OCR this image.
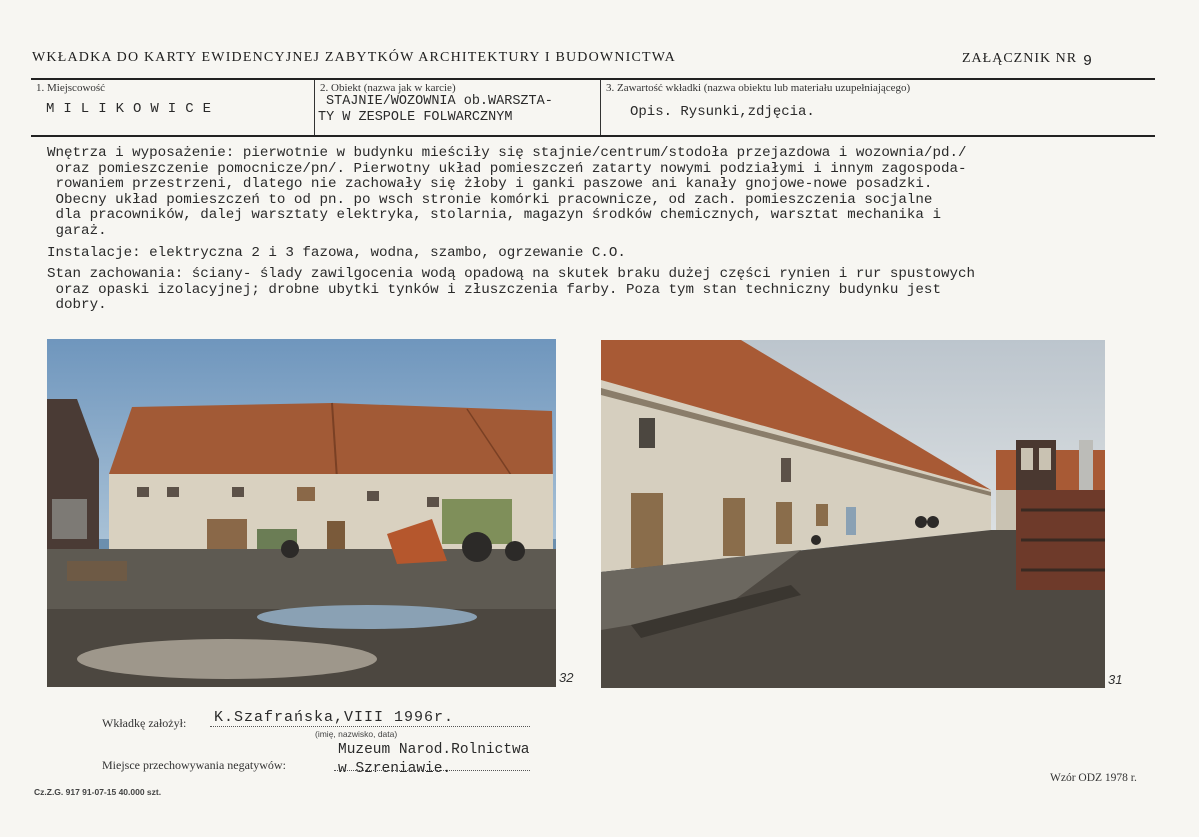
WKŁADKA DO KARTY EWIDENCYJNEJ ZABYTKÓW ARCHITEKTURY I BUDOWNICTWA	ZAŁĄCZNIK NR 9
1. Miejscowość
MILIKOWICE
2. Obiekt (nazwa jak w karcie)
STAJNIE/WOZOWNIA ob.WARSZTA-
TY W ZESPOLE FOLWARCZNYM
3. Zawartość wkładki (nazwa obiektu lub materiału uzupełniającego)
Opis. Rysunki,zdjęcia.

Wnętrza i wyposażenie: pierwotnie w budynku mieściły się stajnie/centrum/stodoła przejazdowa i wozownia/pd./
oraz pomieszczenie pomocnicze/pn/. Pierwotny układ pomieszczeń zatarty nowymi podziałymi i innym zagospoda-
rowaniem przestrzeni, dlatego nie zachowały się żłoby i ganki paszowe ani kanały gnojowe-nowe posadzki.
Obecny układ pomieszczeń to od pn. po wsch stronie komórki pracownicze, od zach. pomieszczenia socjalne
dla pracowników, dalej warsztaty elektryka, stolarnia, magazyn środków chemicznych, warsztat mechanika i
garaż.

Instalacje: elektryczna 2 i 3 fazowa, wodna, szambo, ogrzewanie C.O.

Stan zachowania: ściany- ślady zawilgocenia wodą opadową na skutek braku dużej części rynien i rur spustowych
oraz opaski izolacyjnej; drobne ubytki tynków i złuszczenia farby. Poza tym stan techniczny budynku jest
dobry.

32	31
Wkładkę założył: K.Szafrańska,VIII 1996r.
(imię, nazwisko, data)
Miejsce przechowywania negatywów:
Muzeum Narod.Rolnictwa
w Szreniawie.
Cz.Z.G. 917 91-07-15 40.000 szt.
Wzór ODZ 1978 r.
